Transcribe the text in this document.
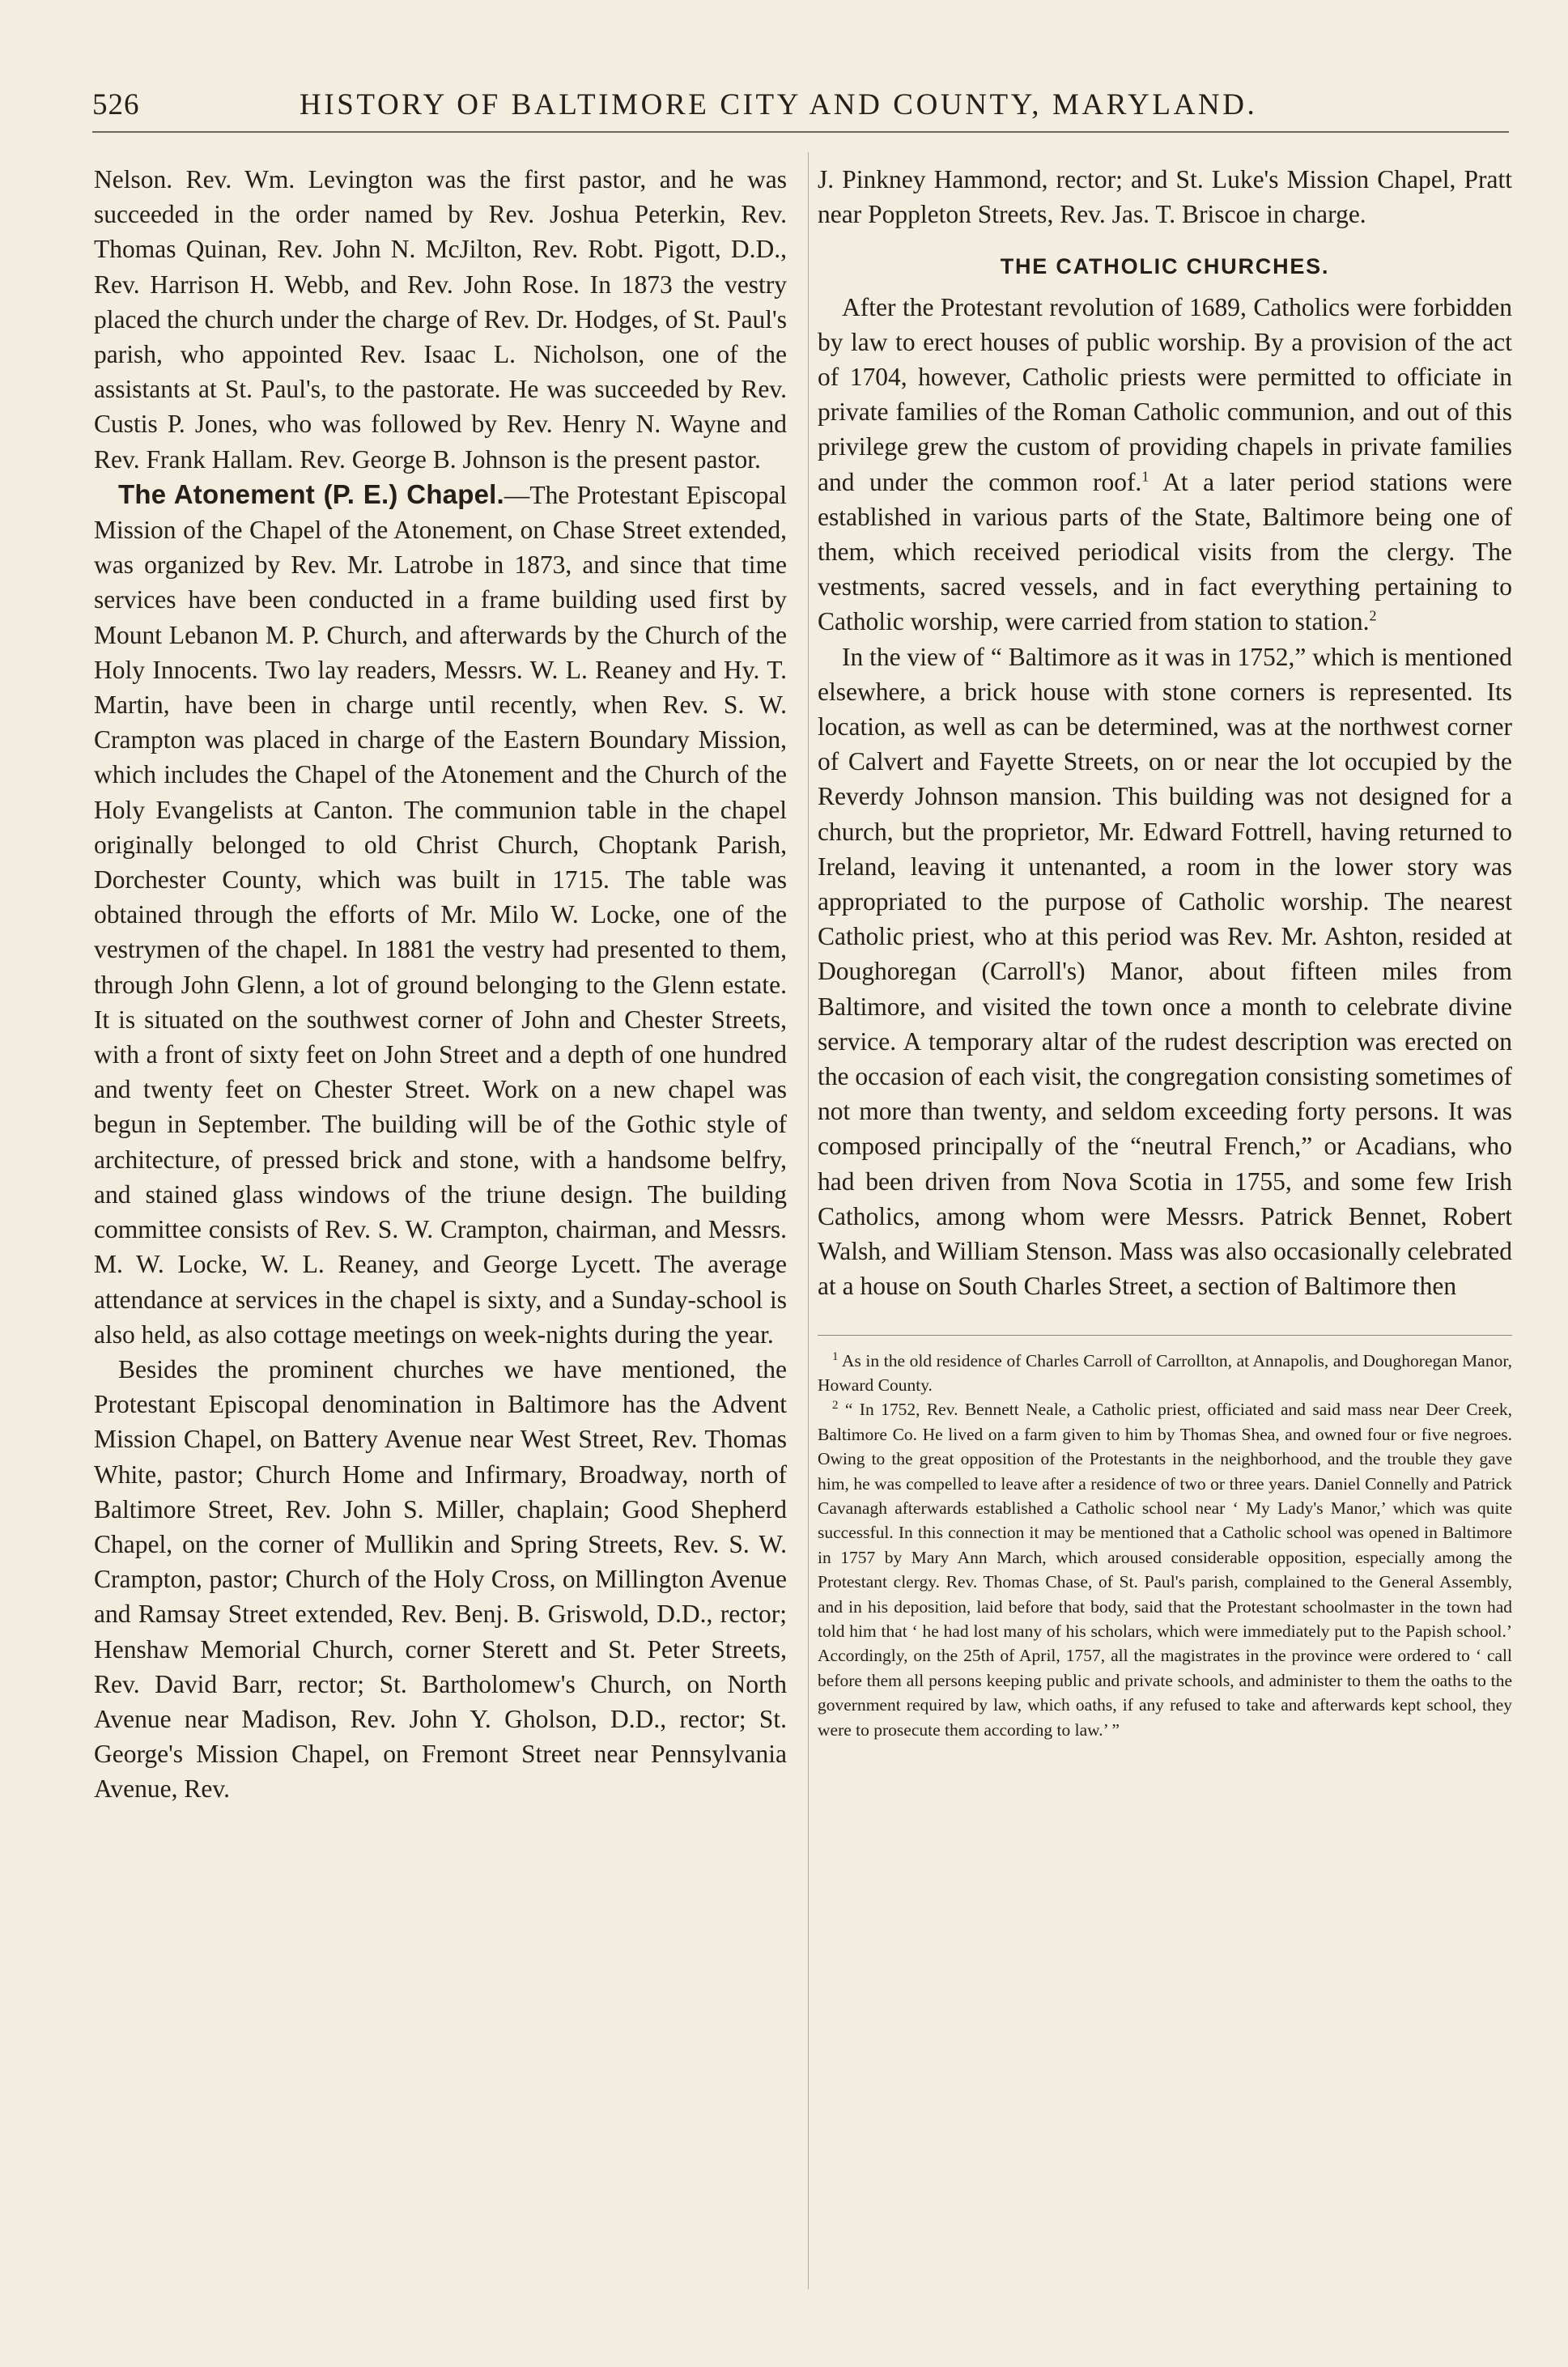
526	HISTORY OF BALTIMORE CITY AND COUNTY, MARYLAND.

Nelson. Rev. Wm. Levington was the first pastor, and he was succeeded in the order named by Rev. Joshua Peterkin, Rev. Thomas Quinan, Rev. John N. McJilton, Rev. Robt. Pigott, D.D., Rev. Harrison H. Webb, and Rev. John Rose. In 1873 the vestry placed the church under the charge of Rev. Dr. Hodges, of St. Paul's parish, who appointed Rev. Isaac L. Nicholson, one of the assistants at St. Paul's, to the pastorate. He was succeeded by Rev. Custis P. Jones, who was followed by Rev. Henry N. Wayne and Rev. Frank Hallam. Rev. George B. Johnson is the present pastor.

The Atonement (P. E.) Chapel.—The Protestant Episcopal Mission of the Chapel of the Atonement, on Chase Street extended, was organized by Rev. Mr. Latrobe in 1873, and since that time services have been conducted in a frame building used first by Mount Lebanon M. P. Church, and afterwards by the Church of the Holy Innocents. Two lay readers, Messrs. W. L. Reaney and Hy. T. Martin, have been in charge until recently, when Rev. S. W. Crampton was placed in charge of the Eastern Boundary Mission, which includes the Chapel of the Atonement and the Church of the Holy Evangelists at Canton. The communion table in the chapel originally belonged to old Christ Church, Choptank Parish, Dorchester County, which was built in 1715. The table was obtained through the efforts of Mr. Milo W. Locke, one of the vestrymen of the chapel. In 1881 the vestry had presented to them, through John Glenn, a lot of ground belonging to the Glenn estate. It is situated on the southwest corner of John and Chester Streets, with a front of sixty feet on John Street and a depth of one hundred and twenty feet on Chester Street. Work on a new chapel was begun in September. The building will be of the Gothic style of architecture, of pressed brick and stone, with a handsome belfry, and stained glass windows of the triune design. The building committee consists of Rev. S. W. Crampton, chairman, and Messrs. M. W. Locke, W. L. Reaney, and George Lycett. The average attendance at services in the chapel is sixty, and a Sunday-school is also held, as also cottage meetings on week-nights during the year.

Besides the prominent churches we have mentioned, the Protestant Episcopal denomination in Baltimore has the Advent Mission Chapel, on Battery Avenue near West Street, Rev. Thomas White, pastor; Church Home and Infirmary, Broadway, north of Baltimore Street, Rev. John S. Miller, chaplain; Good Shepherd Chapel, on the corner of Mullikin and Spring Streets, Rev. S. W. Crampton, pastor; Church of the Holy Cross, on Millington Avenue and Ramsay Street extended, Rev. Benj. B. Griswold, D.D., rector; Henshaw Memorial Church, corner Sterett and St. Peter Streets, Rev. David Barr, rector; St. Bartholomew's Church, on North Avenue near Madison, Rev. John Y. Gholson, D.D., rector; St. George's Mission Chapel, on Fremont Street near Pennsylvania Avenue, Rev.

J. Pinkney Hammond, rector; and St. Luke's Mission Chapel, Pratt near Poppleton Streets, Rev. Jas. T. Briscoe in charge.

THE CATHOLIC CHURCHES.

After the Protestant revolution of 1689, Catholics were forbidden by law to erect houses of public worship. By a provision of the act of 1704, however, Catholic priests were permitted to officiate in private families of the Roman Catholic communion, and out of this privilege grew the custom of providing chapels in private families and under the common roof.$^1$ At a later period stations were established in various parts of the State, Baltimore being one of them, which received periodical visits from the clergy. The vestments, sacred vessels, and in fact everything pertaining to Catholic worship, were carried from station to station.$^2$

In the view of “ Baltimore as it was in 1752,” which is mentioned elsewhere, a brick house with stone corners is represented. Its location, as well as can be determined, was at the northwest corner of Calvert and Fayette Streets, on or near the lot occupied by the Reverdy Johnson mansion. This building was not designed for a church, but the proprietor, Mr. Edward Fottrell, having returned to Ireland, leaving it untenanted, a room in the lower story was appropriated to the purpose of Catholic worship. The nearest Catholic priest, who at this period was Rev. Mr. Ashton, resided at Doughoregan (Carroll's) Manor, about fifteen miles from Baltimore, and visited the town once a month to celebrate divine service. A temporary altar of the rudest description was erected on the occasion of each visit, the congregation consisting sometimes of not more than twenty, and seldom exceeding forty persons. It was composed principally of the “neutral French,” or Acadians, who had been driven from Nova Scotia in 1755, and some few Irish Catholics, among whom were Messrs. Patrick Bennet, Robert Walsh, and William Stenson. Mass was also occasionally celebrated at a house on South Charles Street, a section of Baltimore then

$^1$ As in the old residence of Charles Carroll of Carrollton, at Annapolis, and Doughoregan Manor, Howard County.

$^2$ “ In 1752, Rev. Bennett Neale, a Catholic priest, officiated and said mass near Deer Creek, Baltimore Co. He lived on a farm given to him by Thomas Shea, and owned four or five negroes. Owing to the great opposition of the Protestants in the neighborhood, and the trouble they gave him, he was compelled to leave after a residence of two or three years. Daniel Connelly and Patrick Cavanagh afterwards established a Catholic school near ‘ My Lady's Manor,’ which was quite successful. In this connection it may be mentioned that a Catholic school was opened in Baltimore in 1757 by Mary Ann March, which aroused considerable opposition, especially among the Protestant clergy. Rev. Thomas Chase, of St. Paul's parish, complained to the General Assembly, and in his deposition, laid before that body, said that the Protestant schoolmaster in the town had told him that ‘ he had lost many of his scholars, which were immediately put to the Papish school.’ Accordingly, on the 25th of April, 1757, all the magistrates in the province were ordered to ‘ call before them all persons keeping public and private schools, and administer to them the oaths to the government required by law, which oaths, if any refused to take and afterwards kept school, they were to prosecute them according to law.’ ”
